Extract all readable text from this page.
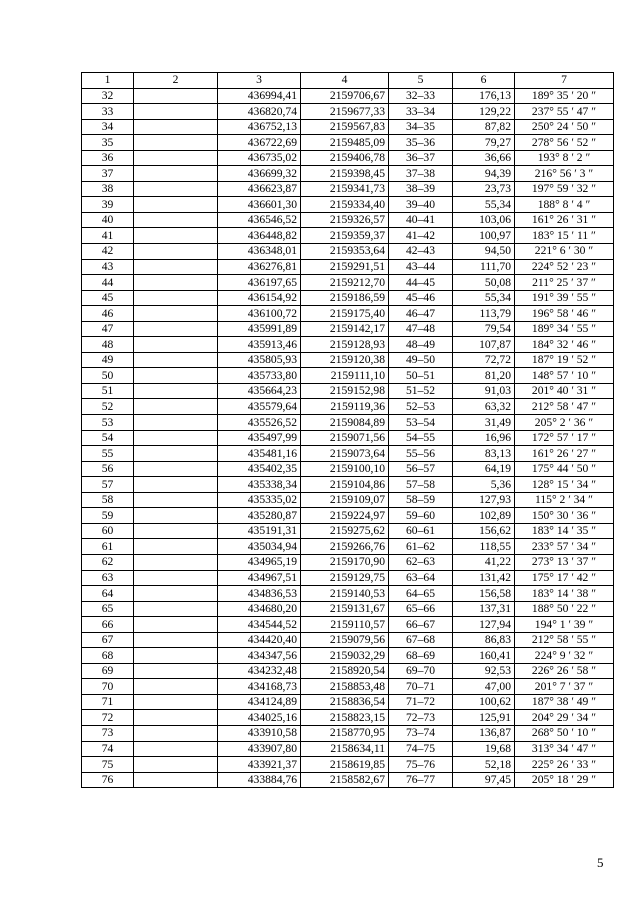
1	2	3	4	5	6	7
32		436994,41	2159706,67	32–33	176,13	189° 35 ′ 20 ″
33		436820,74	2159677,33	33–34	129,22	237° 55 ′ 47 ″
34		436752,13	2159567,83	34–35	87,82	250° 24 ′ 50 ″
35		436722,69	2159485,09	35–36	79,27	278° 56 ′ 52 ″
36		436735,02	2159406,78	36–37	36,66	193° 8 ′ 2 ″
37		436699,32	2159398,45	37–38	94,39	216° 56 ′ 3 ″
38		436623,87	2159341,73	38–39	23,73	197° 59 ′ 32 ″
39		436601,30	2159334,40	39–40	55,34	188° 8 ′ 4 ″
40		436546,52	2159326,57	40–41	103,06	161° 26 ′ 31 ″
41		436448,82	2159359,37	41–42	100,97	183° 15 ′ 11 ″
42		436348,01	2159353,64	42–43	94,50	221° 6 ′ 30 ″
43		436276,81	2159291,51	43–44	111,70	224° 52 ′ 23 ″
44		436197,65	2159212,70	44–45	50,08	211° 25 ′ 37 ″
45		436154,92	2159186,59	45–46	55,34	191° 39 ′ 55 ″
46		436100,72	2159175,40	46–47	113,79	196° 58 ′ 46 ″
47		435991,89	2159142,17	47–48	79,54	189° 34 ′ 55 ″
48		435913,46	2159128,93	48–49	107,87	184° 32 ′ 46 ″
49		435805,93	2159120,38	49–50	72,72	187° 19 ′ 52 ″
50		435733,80	2159111,10	50–51	81,20	148° 57 ′ 10 ″
51		435664,23	2159152,98	51–52	91,03	201° 40 ′ 31 ″
52		435579,64	2159119,36	52–53	63,32	212° 58 ′ 47 ″
53		435526,52	2159084,89	53–54	31,49	205° 2 ′ 36 ″
54		435497,99	2159071,56	54–55	16,96	172° 57 ′ 17 ″
55		435481,16	2159073,64	55–56	83,13	161° 26 ′ 27 ″
56		435402,35	2159100,10	56–57	64,19	175° 44 ′ 50 ″
57		435338,34	2159104,86	57–58	5,36	128° 15 ′ 34 ″
58		435335,02	2159109,07	58–59	127,93	115° 2 ′ 34 ″
59		435280,87	2159224,97	59–60	102,89	150° 30 ′ 36 ″
60		435191,31	2159275,62	60–61	156,62	183° 14 ′ 35 ″
61		435034,94	2159266,76	61–62	118,55	233° 57 ′ 34 ″
62		434965,19	2159170,90	62–63	41,22	273° 13 ′ 37 ″
63		434967,51	2159129,75	63–64	131,42	175° 17 ′ 42 ″
64		434836,53	2159140,53	64–65	156,58	183° 14 ′ 38 ″
65		434680,20	2159131,67	65–66	137,31	188° 50 ′ 22 ″
66		434544,52	2159110,57	66–67	127,94	194° 1 ′ 39 ″
67		434420,40	2159079,56	67–68	86,83	212° 58 ′ 55 ″
68		434347,56	2159032,29	68–69	160,41	224° 9 ′ 32 ″
69		434232,48	2158920,54	69–70	92,53	226° 26 ′ 58 ″
70		434168,73	2158853,48	70–71	47,00	201° 7 ′ 37 ″
71		434124,89	2158836,54	71–72	100,62	187° 38 ′ 49 ″
72		434025,16	2158823,15	72–73	125,91	204° 29 ′ 34 ″
73		433910,58	2158770,95	73–74	136,87	268° 50 ′ 10 ″
74		433907,80	2158634,11	74–75	19,68	313° 34 ′ 47 ″
75		433921,37	2158619,85	75–76	52,18	225° 26 ′ 33 ″
76		433884,76	2158582,67	76–77	97,45	205° 18 ′ 29 ″
5
